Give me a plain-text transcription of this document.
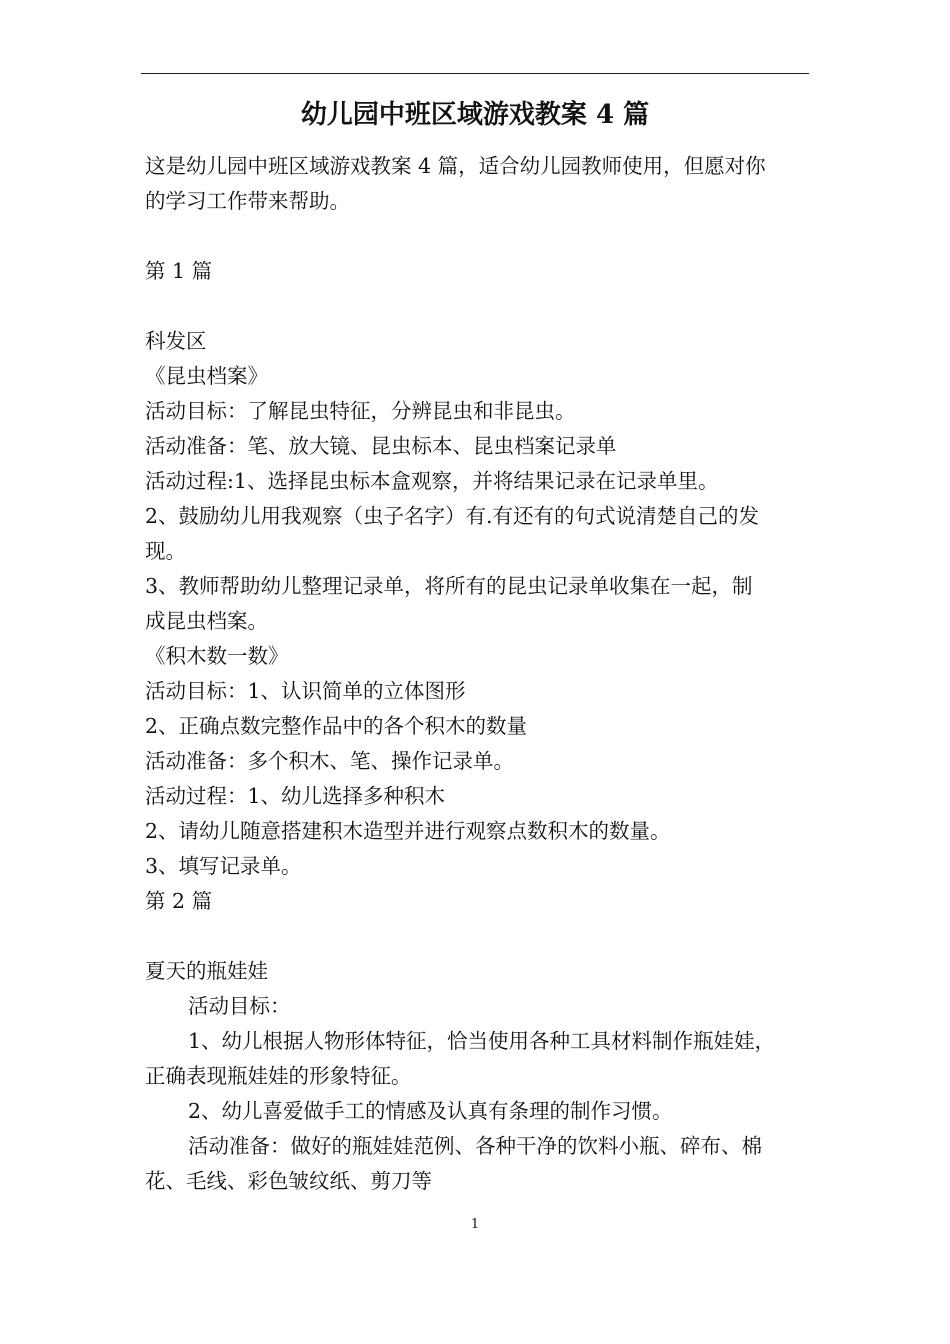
幼儿园中班区域游戏教案 4 篇
这是幼儿园中班区域游戏教案 4 篇，适合幼儿园教师使用，但愿对你
的学习工作带来帮助。
第 1 篇
科发区
《昆虫档案》
活动目标：了解昆虫特征，分辨昆虫和非昆虫。
活动准备：笔、放大镜、昆虫标本、昆虫档案记录单
活动过程:1、选择昆虫标本盒观察，并将结果记录在记录单里。
2、鼓励幼儿用我观察（虫子名字）有.有还有的句式说清楚自己的发
现。
3、教师帮助幼儿整理记录单，将所有的昆虫记录单收集在一起，制
成昆虫档案。
《积木数一数》
活动目标：1、认识简单的立体图形
2、正确点数完整作品中的各个积木的数量
活动准备：多个积木、笔、操作记录单。
活动过程：1、幼儿选择多种积木
2、请幼儿随意搭建积木造型并进行观察点数积木的数量。
3、填写记录单。
第 2 篇
夏天的瓶娃娃
活动目标：
1、幼儿根据人物形体特征，恰当使用各种工具材料制作瓶娃娃，
正确表现瓶娃娃的形象特征。
2、幼儿喜爱做手工的情感及认真有条理的制作习惯。
活动准备：做好的瓶娃娃范例、各种干净的饮料小瓶、碎布、棉
花、毛线、彩色皱纹纸、剪刀等
1
